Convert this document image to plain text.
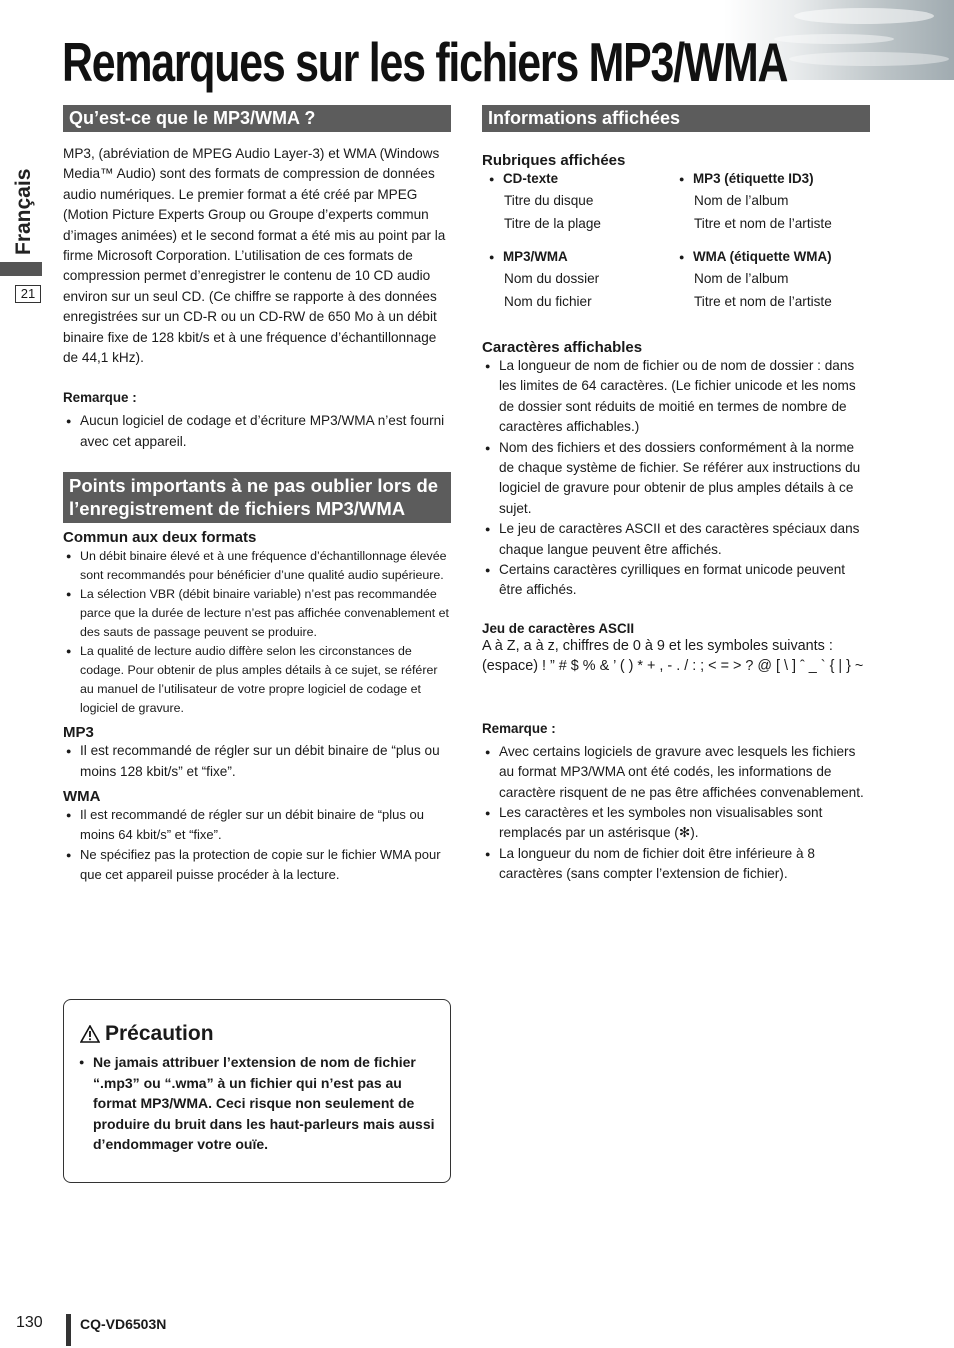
Remarques sur les fichiers MP3/WMA
Français
21
Qu’est-ce que le MP3/WMA ?

MP3, (abréviation de MPEG Audio Layer-3) et WMA (Windows Media™ Audio) sont des formats de compression de données audio numériques. Le premier format a été créé par MPEG (Motion Picture Experts Group ou Groupe d’experts commun d’images animées) et le second format a été mis au point par la firme Microsoft Corporation. L’utilisation de ces formats de compression permet d’enregistrer le contenu de 10 CD audio environ sur un seul CD. (Ce chiffre se rapporte à des données enregistrées sur un CD-R ou un CD-RW de 650 Mo à un débit binaire fixe de 128 kbit/s et à une fréquence d’échantillonnage de 44,1 kHz).

Remarque :

● Aucun logiciel de codage et d’écriture MP3/WMA n’est fourni avec cet appareil.
Points importants à ne pas oublier lors de l’enregistrement de fichiers MP3/WMA

Commun aux deux formats

● Un débit binaire élevé et à une fréquence d’échantillonnage élevée sont recommandés pour bénéficier d’une qualité audio supérieure.
● La sélection VBR (débit binaire variable) n’est pas recommandée parce que la durée de lecture n’est pas affichée convenablement et des sauts de passage peuvent se produire.
● La qualité de lecture audio diffère selon les circonstances de codage. Pour obtenir de plus amples détails à ce sujet, se référer au manuel de l’utilisateur de votre propre logiciel de codage et logiciel de gravure.

MP3

● Il est recommandé de régler sur un débit binaire de “plus ou moins 128 kbit/s” et “fixe”.

WMA

● Il est recommandé de régler sur un débit binaire de “plus ou moins 64 kbit/s” et “fixe”.
● Ne spécifiez pas la protection de copie sur le fichier WMA pour que cet appareil puisse procéder à la lecture.
Précaution
● Ne jamais attribuer l’extension de nom de fichier “.mp3” ou “.wma” à un fichier qui n’est pas au format MP3/WMA. Ceci risque non seulement de produire du bruit dans les haut-parleurs mais aussi d’endommager votre ouïe.
Informations affichées

Rubriques affichées

● CD-texte
Titre du disque
Titre de la plage
● MP3/WMA
Nom du dossier
Nom du fichier
● MP3 (étiquette ID3)
Nom de l’album
Titre et nom de l’artiste
● WMA (étiquette WMA)
Nom de l’album
Titre et nom de l’artiste

Caractères affichables

● La longueur de nom de fichier ou de nom de dossier : dans les limites de 64 caractères. (Le fichier unicode et les noms de dossier sont réduits de moitié en termes de nombre de caractères affichables.)
● Nom des fichiers et des dossiers conformément à la norme de chaque système de fichier. Se référer aux instructions du logiciel de gravure pour obtenir de plus amples détails à ce sujet.
● Le jeu de caractères ASCII et des caractères spéciaux dans chaque langue peuvent être affichés.
● Certains caractères cyrilliques en format unicode peuvent être affichés.

Jeu de caractères ASCII

A à Z, a à z, chiffres de 0 à 9 et les symboles suivants : (espace) ! ” # $ % & ’ ( ) * + , - . / : ; < = > ? @ [ \ ] ˆ _ ` { | } ~

Remarque :

● Avec certains logiciels de gravure avec lesquels les fichiers au format MP3/WMA ont été codés, les informations de caractère risquent de ne pas être affichées convenablement.
● Les caractères et les symboles non visualisables sont remplacés par un astérisque (✻).
● La longueur du nom de fichier doit être inférieure à 8 caractères (sans compter l’extension de fichier).
130	CQ-VD6503N
